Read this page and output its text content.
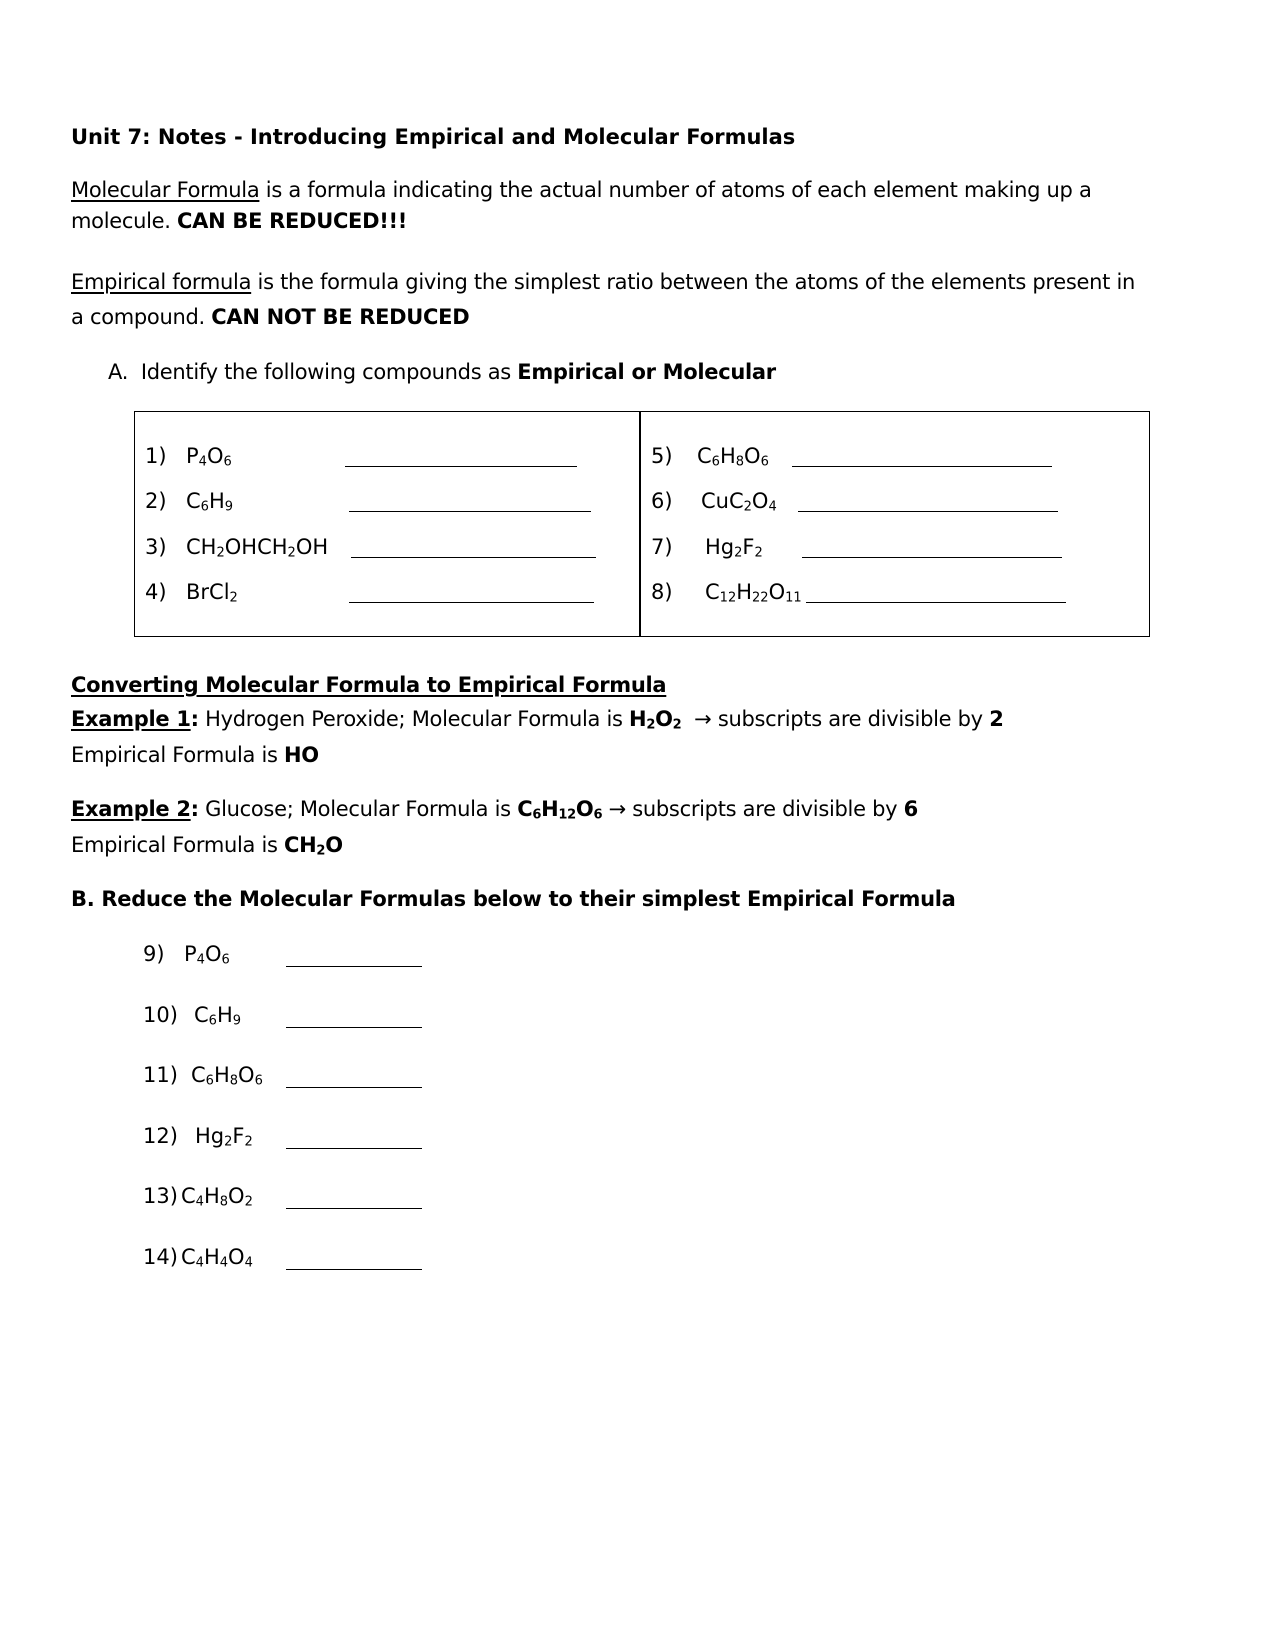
Unit 7: Notes - Introducing Empirical and Molecular Formulas
Molecular Formula is a formula indicating the actual number of atoms of each element making up a
molecule. CAN BE REDUCED!!!
Empirical formula is the formula giving the simplest ratio between the atoms of the elements present in
a compound. CAN NOT BE REDUCED
A. Identify the following compounds as Empirical or Molecular
1) $P_4O_6$
2) $C_6H_9$
3) $CH_2OHCH_2OH$
4) BrCl$_2$
5) $C_6H_8O_6$
6) $CuC_2O_4$
7) $Hg_2F_2$
8) $C_{12}H_{22}O_{11}$
Converting Molecular Formula to Empirical Formula
Example 1: Hydrogen Peroxide; Molecular Formula is $H_2O_2$  → subscripts are divisible by 2
Empirical Formula is HO
Example 2: Glucose; Molecular Formula is $C_6H_{12}O_6$ → subscripts are divisible by 6
Empirical Formula is $CH_2O$
B. Reduce the Molecular Formulas below to their simplest Empirical Formula
9) $P_4O_6$
10) $C_6H_9$
11) $C_6H_8O_6$
12) $Hg_2F_2$
13) $C_4H_8O_2$
14) $C_4H_4O_4$
